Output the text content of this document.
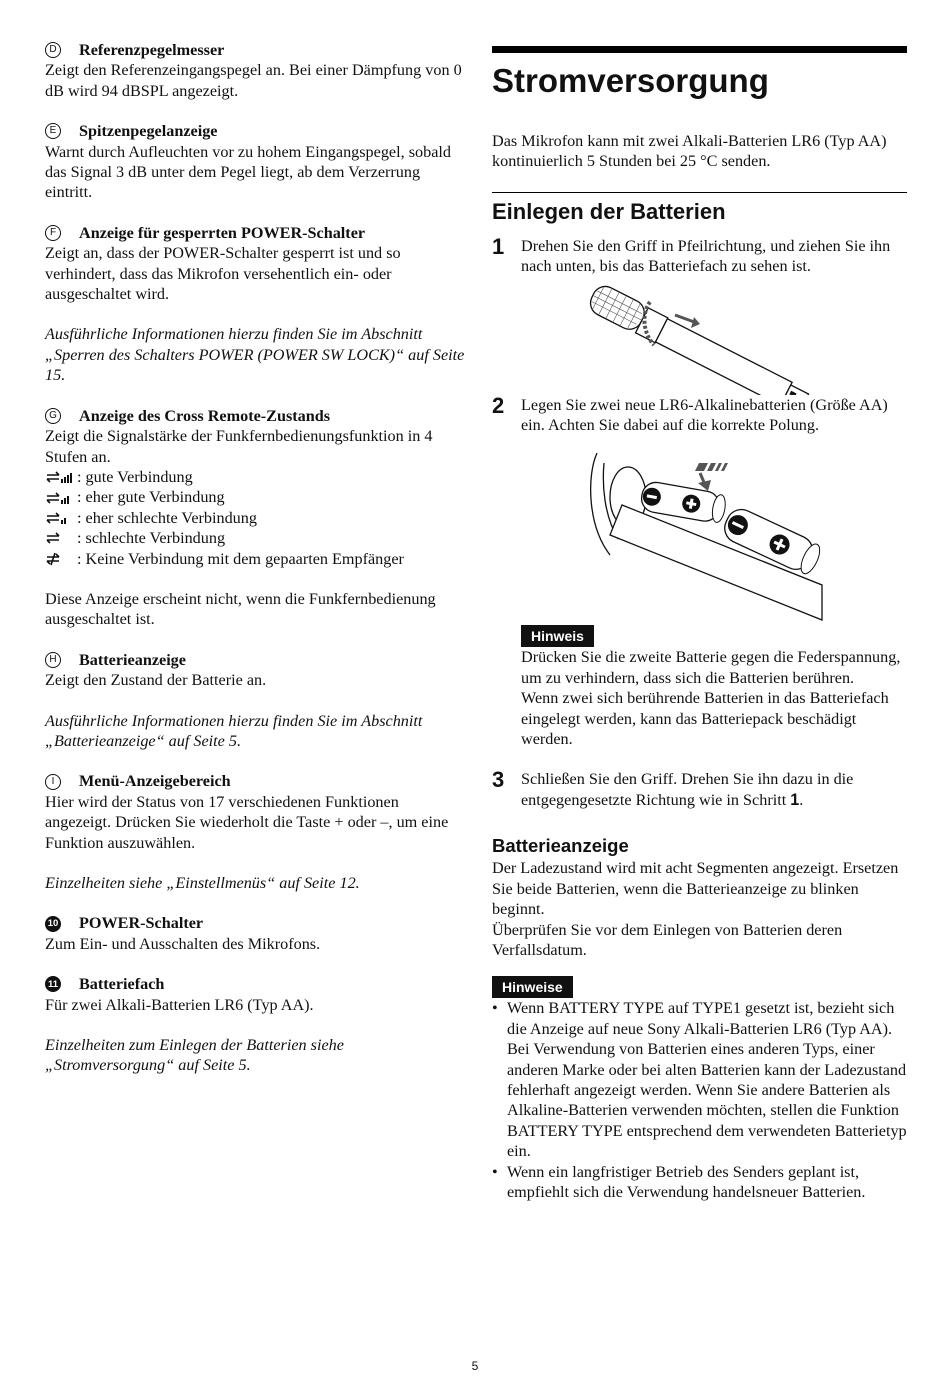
D Referenzpegelmesser
Zeigt den Referenzeingangspegel an. Bei einer Dämpfung von 0 dB wird 94 dBSPL angezeigt.
E Spitzenpegelanzeige
Warnt durch Aufleuchten vor zu hohem Eingangspegel, sobald das Signal 3 dB unter dem Pegel liegt, ab dem Verzerrung eintritt.
F	Anzeige für gesperrten POWER-Schalter
Zeigt an, dass der POWER-Schalter gesperrt ist und so verhindert, dass das Mikrofon versehentlich ein- oder ausgeschaltet wird.
Ausführliche Informationen hierzu finden Sie im Abschnitt „Sperren des Schalters POWER (POWER SW LOCK)“ auf Seite 15.
G Anzeige des Cross Remote-Zustands
Zeigt die Signalstärke der Funkfernbedienungsfunktion in 4 Stufen an.
: gute Verbindung
: eher gute Verbindung
: eher schlechte Verbindung
: schlechte Verbindung
: Keine Verbindung mit dem gepaarten Empfänger
Diese Anzeige erscheint nicht, wenn die Funkfernbedienung ausgeschaltet ist.
H Batterieanzeige
Zeigt den Zustand der Batterie an.
Ausführliche Informationen hierzu finden Sie im Abschnitt „Batterieanzeige“ auf Seite 5.
I	Menü-Anzeigebereich
Hier wird der Status von 17 verschiedenen Funktionen angezeigt. Drücken Sie wiederholt die Taste + oder –, um eine Funktion auszuwählen.
Einzelheiten siehe „Einstellmenüs“ auf Seite 12.
10 POWER-Schalter
Zum Ein- und Ausschalten des Mikrofons.
11 Batteriefach
Für zwei Alkali-Batterien LR6 (Typ AA).
Einzelheiten zum Einlegen der Batterien siehe „Stromversorgung“ auf Seite 5.
Stromversorgung
Das Mikrofon kann mit zwei Alkali-Batterien LR6 (Typ AA) kontinuierlich 5 Stunden bei 25 °C senden.
Einlegen der Batterien
1	Drehen Sie den Griff in Pfeilrichtung, und ziehen Sie ihn nach unten, bis das Batteriefach zu sehen ist.
2	Legen Sie zwei neue LR6-Alkalinebatterien (Größe AA) ein. Achten Sie dabei auf die korrekte Polung.
Hinweis
Drücken Sie die zweite Batterie gegen die Federspannung, um zu verhindern, dass sich die Batterien berühren.
Wenn zwei sich berührende Batterien in das Batteriefach eingelegt werden, kann das Batteriepack beschädigt werden.
3	Schließen Sie den Griff. Drehen Sie ihn dazu in die entgegengesetzte Richtung wie in Schritt 1.
Batterieanzeige
Der Ladezustand wird mit acht Segmenten angezeigt. Ersetzen Sie beide Batterien, wenn die Batterieanzeige zu blinken beginnt.
Überprüfen Sie vor dem Einlegen von Batterien deren Verfallsdatum.
Hinweise
• Wenn BATTERY TYPE auf TYPE1 gesetzt ist, bezieht sich die Anzeige auf neue Sony Alkali-Batterien LR6 (Typ AA). Bei Verwendung von Batterien eines anderen Typs, einer anderen Marke oder bei alten Batterien kann der Ladezustand fehlerhaft angezeigt werden. Wenn Sie andere Batterien als Alkaline-Batterien verwenden möchten, stellen die Funktion BATTERY TYPE entsprechend dem verwendeten Batterietyp ein.
• Wenn ein langfristiger Betrieb des Senders geplant ist, empfiehlt sich die Verwendung handelsneuer Batterien.
5
